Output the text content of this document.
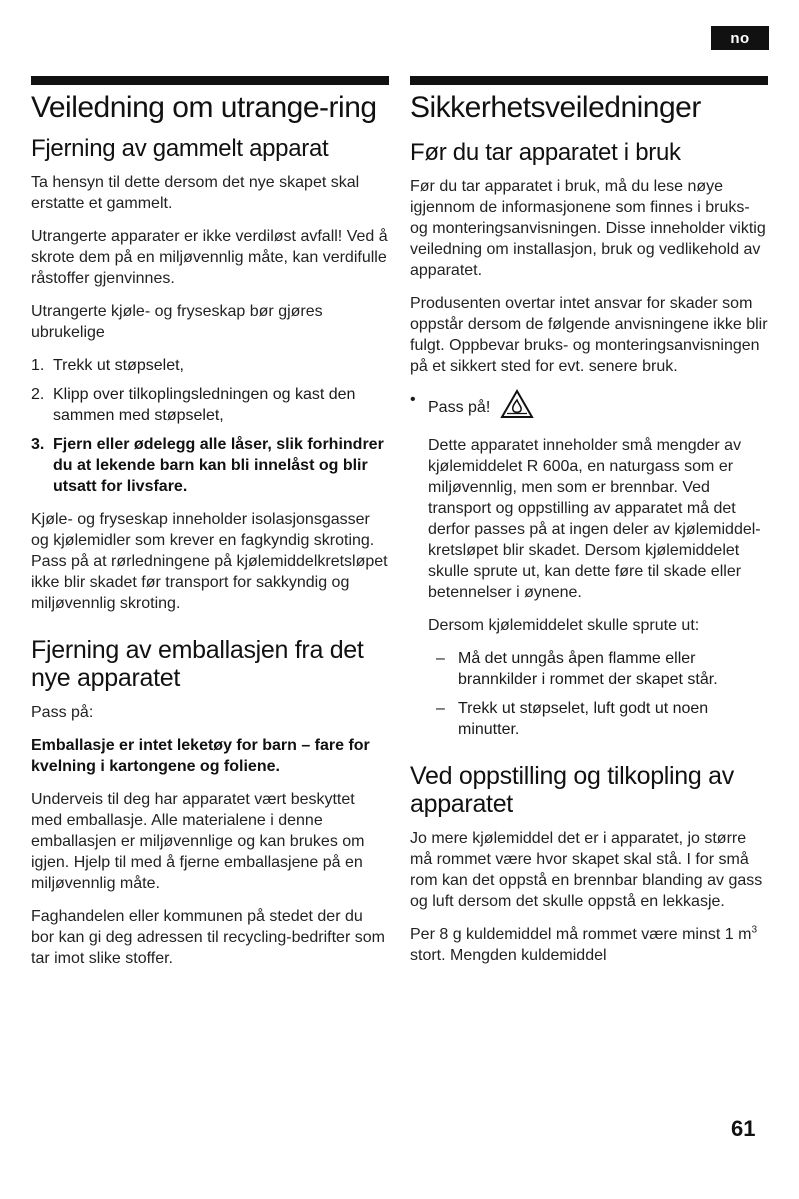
no
Veiledning om utrange-ring
Fjerning av gammelt apparat

Ta hensyn til dette dersom det nye skapet skal erstatte et gammelt.

Utrangerte apparater er ikke verdiløst avfall! Ved å skrote dem på en miljøvennlig måte, kan verdifulle råstoffer gjenvinnes.

Utrangerte kjøle- og fryseskap bør gjøres ubrukelige

1. Trekk ut støpselet,
2. Klipp over tilkoplingsledningen og kast den sammen med støpselet,
3. Fjern eller ødelegg alle låser, slik forhindrer du at lekende barn kan bli innelåst og blir utsatt for livsfare.

Kjøle- og fryseskap inneholder isolasjonsgasser og kjølemidler som krever en fagkyndig skroting. Pass på at rørledningene på kjølemiddelkretsløpet ikke blir skadet før transport for sakkyndig og miljøvennlig skroting.

Fjerning av emballasjen fra det nye apparatet

Pass på:

Emballasje er intet leketøy for barn – fare for kvelning i kartongene og foliene.

Underveis til deg har apparatet vært beskyttet med emballasje. Alle materialene i denne emballasjen er miljøvennlige og kan brukes om igjen. Hjelp til med å fjerne emballasjene på en miljøvennlig måte.

Faghandelen eller kommunen på stedet der du bor kan gi deg adressen til recycling-bedrifter som tar imot slike stoffer.

Sikkerhetsveiledninger
Før du tar apparatet i bruk

Før du tar apparatet i bruk, må du lese nøye igjennom de informasjonene som finnes i bruks- og monteringsanvisningen. Disse inneholder viktig veiledning om installasjon, bruk og vedlikehold av apparatet.

Produsenten overtar intet ansvar for skader som oppstår dersom de følgende anvisningene ikke blir fulgt. Oppbevar bruks- og monteringsanvisningen på et sikkert sted for evt. senere bruk.

• Pass på!

Dette apparatet inneholder små mengder av kjølemiddelet R 600a, en naturgass som er miljøvennlig, men som er brennbar. Ved transport og oppstilling av apparatet må det derfor passes på at ingen deler av kjølemiddel-kretsløpet blir skadet. Dersom kjølemiddelet skulle sprute ut, kan dette føre til skade eller betennelser i øynene.

Dersom kjølemiddelet skulle sprute ut:

– Må det unngås åpen flamme eller brannkilder i rommet der skapet står.
– Trekk ut støpselet, luft godt ut noen minutter.
Ved oppstilling og tilkopling av apparatet

Jo mere kjølemiddel det er i apparatet, jo større må rommet være hvor skapet skal stå. I for små rom kan det oppstå en brennbar blanding av gass og luft dersom det skulle oppstå en lekkasje.

Per 8 g kuldemiddel må rommet være minst 1 $m^3$ stort. Mengden kuldemiddel

61
